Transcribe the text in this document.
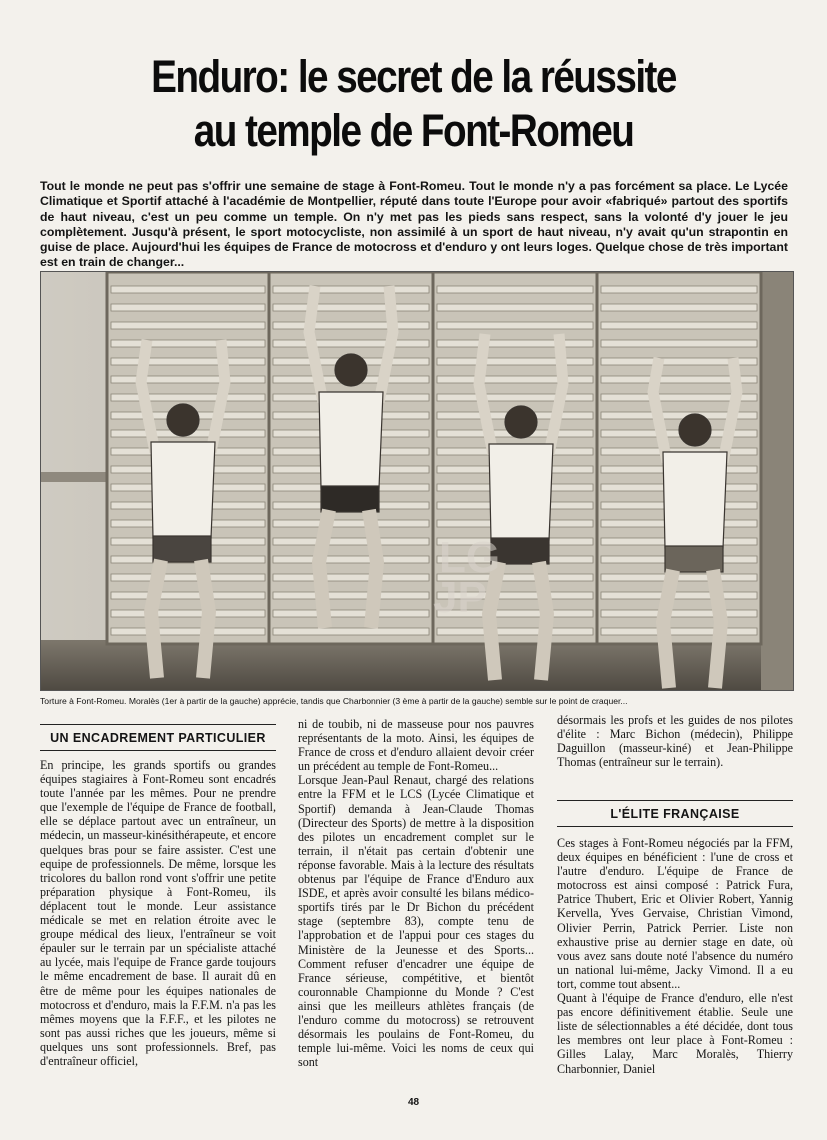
Enduro: le secret de la réussite
au temple de Font-Romeu

Tout le monde ne peut pas s'offrir une semaine de stage à Font-Romeu. Tout le monde n'y a pas forcément sa place. Le Lycée Climatique et Sportif attaché à l'académie de Montpellier, réputé dans toute l'Europe pour avoir «fabriqué» partout des sportifs de haut niveau, c'est un peu comme un temple. On n'y met pas les pieds sans respect, sans la volonté d'y jouer le jeu complètement. Jusqu'à présent, le sport motocycliste, non assimilé à un sport de haut niveau, n'y avait qu'un strapontin en guise de place. Aujourd'hui les équipes de France de motocross et d'enduro y ont leurs loges. Quelque chose de très important est en train de changer...

LG
JP

Torture à Font-Romeu. Moralès (1er à partir de la gauche) apprécie, tandis que Charbonnier (3 ème à partir de la gauche) semble sur le point de craquer...

UN ENCADREMENT PARTICULIER

En principe, les grands sportifs ou grandes équipes stagiaires à Font-Romeu sont encadrés toute l'année par les mêmes. Pour ne prendre que l'exemple de l'équipe de France de football, elle se déplace partout avec un entraîneur, un médecin, un masseur-kinésithérapeute, et encore quelques bras pour se faire assister. C'est une equipe de professionnels. De même, lorsque les tricolores du ballon rond vont s'offrir une petite préparation physique à Font-Romeu, ils déplacent tout le monde. Leur assistance médicale se met en relation étroite avec le groupe médical des lieux, l'entraîneur se voit épauler sur le terrain par un spécialiste attaché au lycée, mais l'equipe de France garde toujours le même encadrement de base. Il aurait dû en être de même pour les équipes nationales de motocross et d'enduro, mais la F.F.M. n'a pas les mêmes moyens que la F.F.F., et les pilotes ne sont pas aussi riches que les joueurs, même si quelques uns sont professionnels. Bref, pas d'entraîneur officiel,

ni de toubib, ni de masseuse pour nos pauvres représentants de la moto. Ainsi, les équipes de France de cross et d'enduro allaient devoir créer un précédent au temple de Font-Romeu...

Lorsque Jean-Paul Renaut, chargé des relations entre la FFM et le LCS (Lycée Climatique et Sportif) demanda à Jean-Claude Thomas (Directeur des Sports) de mettre à la disposition des pilotes un encadrement complet sur le terrain, il n'était pas certain d'obtenir une réponse favorable. Mais à la lecture des résultats obtenus par l'équipe de France d'Enduro aux ISDE, et après avoir consulté les bilans médico-sportifs tirés par le Dr Bichon du précédent stage (septembre 83), compte tenu de l'approbation et de l'appui pour ces stages du Ministère de la Jeunesse et des Sports... Comment refuser d'encadrer une équipe de France sérieuse, compétitive, et bientôt couronnable Championne du Monde ? C'est ainsi que les meilleurs athlètes français (de l'enduro comme du motocross) se retrouvent désormais les poulains de Font-Romeu, du temple lui-même. Voici les noms de ceux qui sont

désormais les profs et les guides de nos pilotes d'élite : Marc Bichon (médecin), Philippe Daguillon (masseur-kiné) et Jean-Philippe Thomas (entraîneur sur le terrain).

L'ÉLITE FRANÇAISE

Ces stages à Font-Romeu négociés par la FFM, deux équipes en bénéficient : l'une de cross et l'autre d'enduro. L'équipe de France de motocross est ainsi composé : Patrick Fura, Patrice Thubert, Eric et Olivier Robert, Yannig Kervella, Yves Gervaise, Christian Vimond, Olivier Perrin, Patrick Perrier. Liste non exhaustive prise au dernier stage en date, où vous avez sans doute noté l'absence du numéro un national lui-même, Jacky Vimond. Il a eu tort, comme tout absent...

Quant à l'équipe de France d'enduro, elle n'est pas encore définitivement établie. Seule une liste de sélectionnables a été décidée, dont tous les membres ont leur place à Font-Romeu : Gilles Lalay, Marc Moralès, Thierry Charbonnier, Daniel

48
